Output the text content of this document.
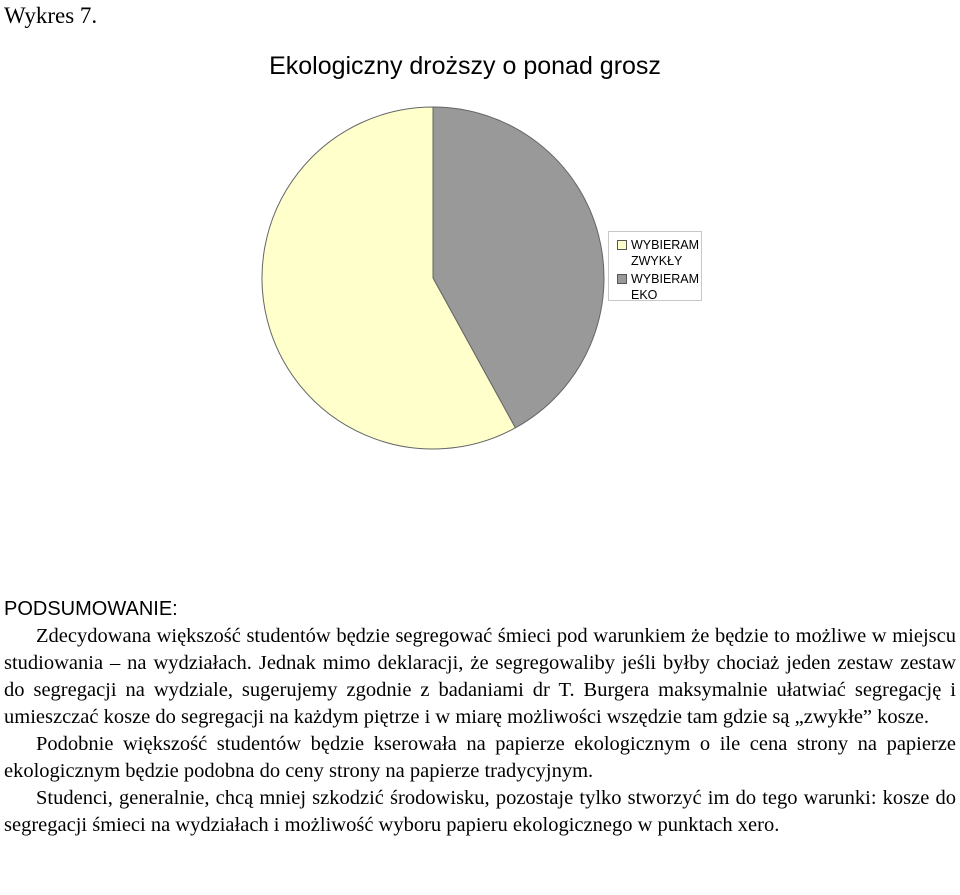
Wykres 7.
Ekologiczny droższy o ponad grosz
WYBIERAM ZWYKŁY
WYBIERAM EKO
PODSUMOWANIE:

Zdecydowana większość studentów będzie segregować śmieci pod warunkiem że będzie to możliwe w miejscu studiowania – na wydziałach. Jednak mimo deklaracji, że segregowaliby jeśli byłby chociaż jeden zestaw zestaw do segregacji na wydziale, sugerujemy zgodnie z badaniami dr T. Burgera maksymalnie ułatwiać segregację i umieszczać kosze do segregacji na każdym piętrze i w miarę możliwości wszędzie tam gdzie są „zwykłe” kosze.

Podobnie większość studentów będzie kserowała na papierze ekologicznym o ile cena strony na papierze ekologicznym będzie podobna do ceny strony na papierze tradycyjnym.

Studenci, generalnie, chcą mniej szkodzić środowisku, pozostaje tylko stworzyć im do tego warunki: kosze do segregacji śmieci na wydziałach i możliwość wyboru papieru ekologicznego w punktach xero.
